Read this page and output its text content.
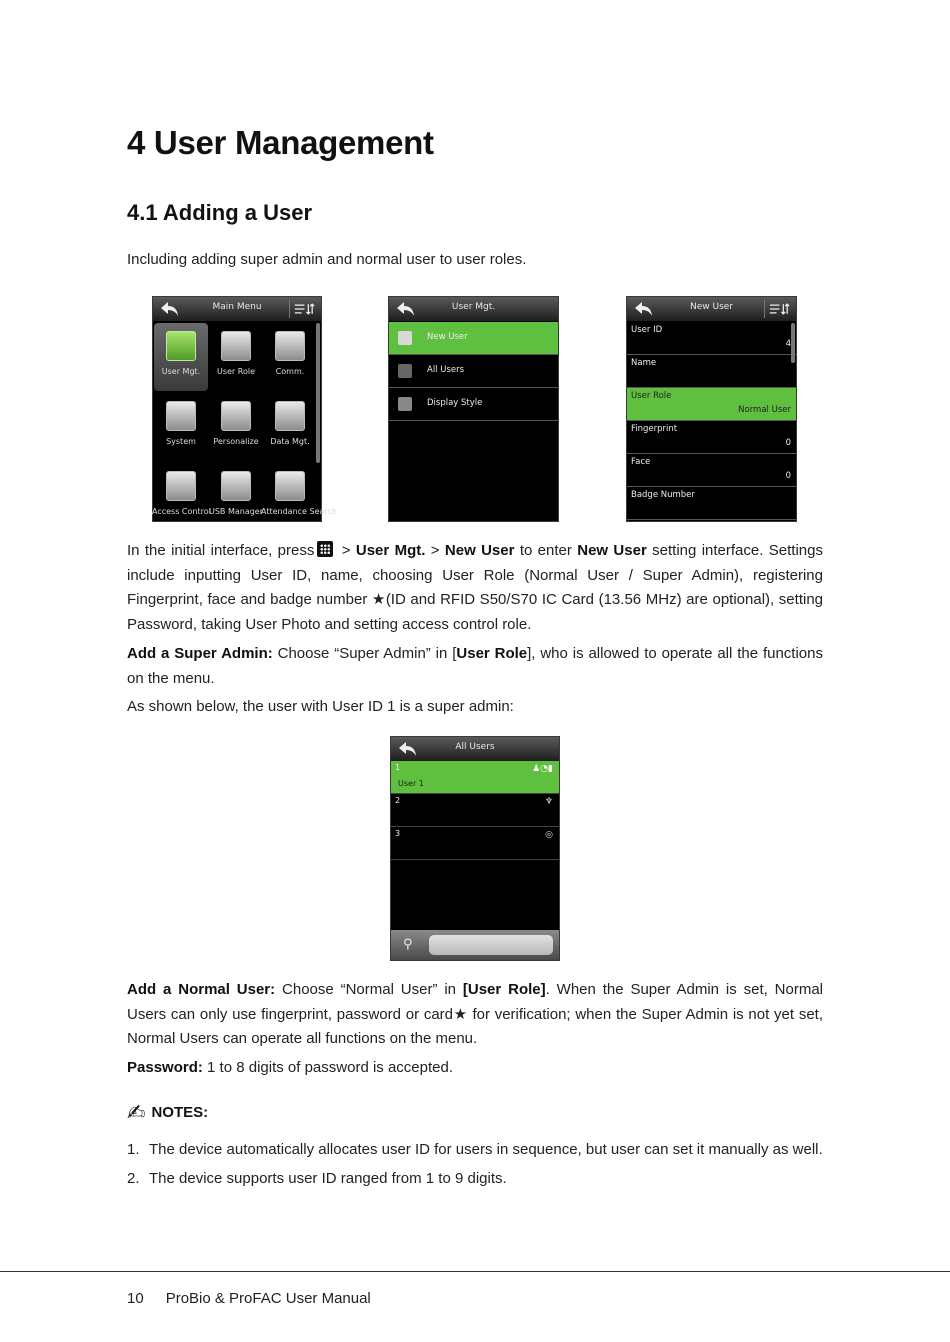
4 User Management
4.1 Adding a User
Including adding super admin and normal user to user roles.
Main Menu
User Mgt.	User Role	Comm.
System	Personalize	Data Mgt.
Access Control
USB Manager
Attendance Search
User Mgt.
New User
All Users
Display Style
New User
User ID
4
Name
User Role
Normal User
Fingerprint
0
Face
0
Badge Number
In the initial interface, press > User Mgt. > New User to enter New User setting interface. Settings include inputting User ID, name, choosing User Role (Normal User / Super Admin), registering Fingerprint, face and badge number ★(ID and RFID S50/S70 IC Card (13.56 MHz) are optional), setting Password, taking User Photo and setting access control role.
Add a Super Admin: Choose “Super Admin” in [User Role], who is allowed to operate all the functions on the menu.
As shown below, the user with User ID 1 is a super admin:
All Users
1
User 1
♟◔▮
2	♆
3	◎
⚲
Add a Normal User: Choose “Normal User” in [User Role]. When the Super Admin is set, Normal Users can only use fingerprint, password or card★ for verification; when the Super Admin is not yet set, Normal Users can operate all functions on the menu.
Password: 1 to 8 digits of password is accepted.
✍ NOTES:
1. The device automatically allocates user ID for users in sequence, but user can set it manually as well.
2. The device supports user ID ranged from 1 to 9 digits.
10 ProBio & ProFAC User Manual
